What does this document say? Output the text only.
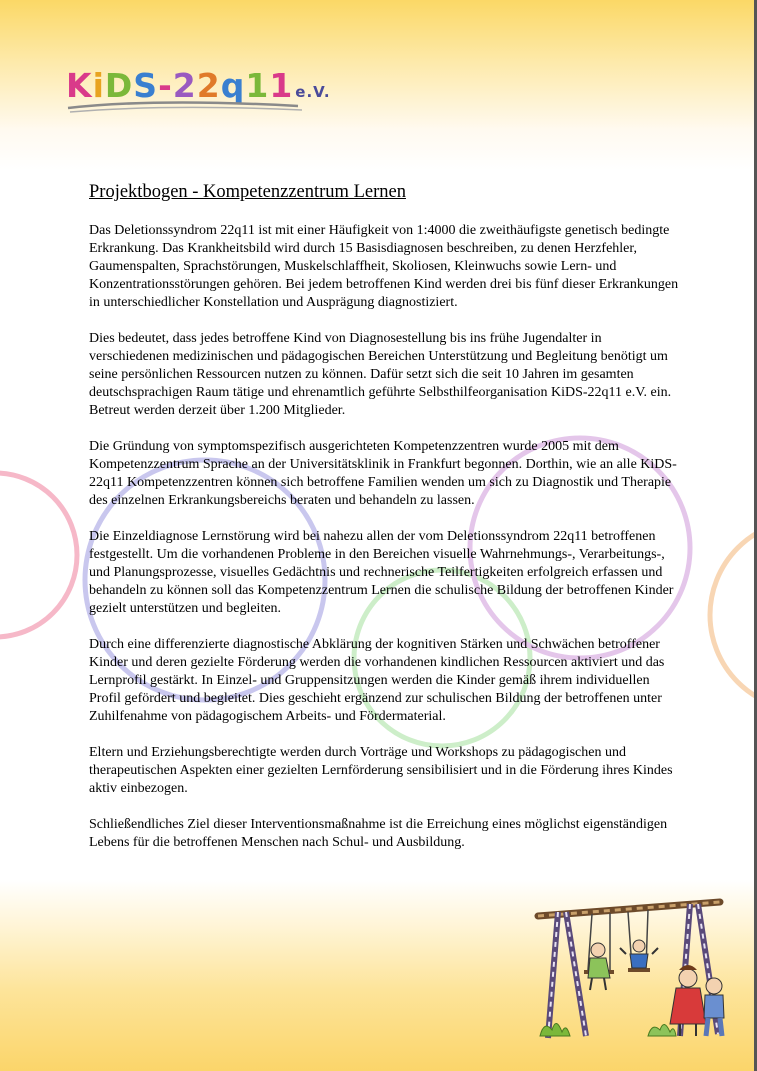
KiDS-22q11 e.V.
Projektbogen - Kompetenzzentrum Lernen

Das Deletionssyndrom 22q11 ist mit einer Häufigkeit von 1:4000 die zweithäufigste genetisch bedingte Erkrankung. Das Krankheitsbild wird durch 15 Basisdiagnosen beschreiben, zu denen Herzfehler, Gaumenspalten, Sprachstörungen, Muskelschlaffheit, Skoliosen, Kleinwuchs sowie Lern- und Konzentrationsstörungen gehören. Bei jedem betroffenen Kind werden drei bis fünf dieser Erkrankungen in unterschiedlicher Konstellation und Ausprägung diagnostiziert.

Dies bedeutet, dass jedes betroffene Kind von Diagnosestellung bis ins frühe Jugendalter in verschiedenen medizinischen und pädagogischen Bereichen Unterstützung und Begleitung benötigt um seine persönlichen Ressourcen nutzen zu können. Dafür setzt sich die seit 10 Jahren im gesamten deutschsprachigen Raum tätige und ehrenamtlich geführte Selbsthilfeorganisation KiDS-22q11 e.V. ein. Betreut werden derzeit über 1.200 Mitglieder.

Die Gründung von symptomspezifisch ausgerichteten Kompetenzzentren wurde 2005 mit dem Kompetenzzentrum Sprache an der Universitätsklinik in Frankfurt begonnen. Dorthin, wie an alle KiDS-22q11 Kompetenzzentren können sich betroffene Familien wenden um sich zu Diagnostik und Therapie des einzelnen Erkrankungsbereichs beraten und behandeln zu lassen.

Die Einzeldiagnose Lernstörung wird bei nahezu allen der vom Deletionssyndrom 22q11 betroffenen festgestellt. Um die vorhandenen Probleme in den Bereichen visuelle Wahrnehmungs-, Verarbeitungs-, und Planungsprozesse, visuelles Gedächtnis und rechnerische Teilfertigkeiten erfolgreich erfassen und behandeln zu können soll das Kompetenzzentrum Lernen die schulische Bildung der betroffenen Kinder gezielt unterstützen und begleiten.

Durch eine differenzierte diagnostische Abklärung der kognitiven Stärken und Schwächen betroffener Kinder und deren gezielte Förderung werden die vorhandenen kindlichen Ressourcen aktiviert und das Lernprofil gestärkt. In Einzel- und Gruppensitzungen werden die Kinder gemäß ihrem individuellen Profil gefördert und begleitet. Dies geschieht ergänzend zur schulischen Bildung der betroffenen unter Zuhilfenahme von pädagogischem Arbeits- und Fördermaterial.

Eltern und Erziehungsberechtigte werden durch Vorträge und Workshops zu pädagogischen und therapeutischen Aspekten einer gezielten Lernförderung sensibilisiert und in die Förderung ihres Kindes aktiv einbezogen.

Schließendliches Ziel dieser Interventionsmaßnahme ist die Erreichung eines möglichst eigenständigen Lebens für die betroffenen Menschen nach Schul- und Ausbildung.
